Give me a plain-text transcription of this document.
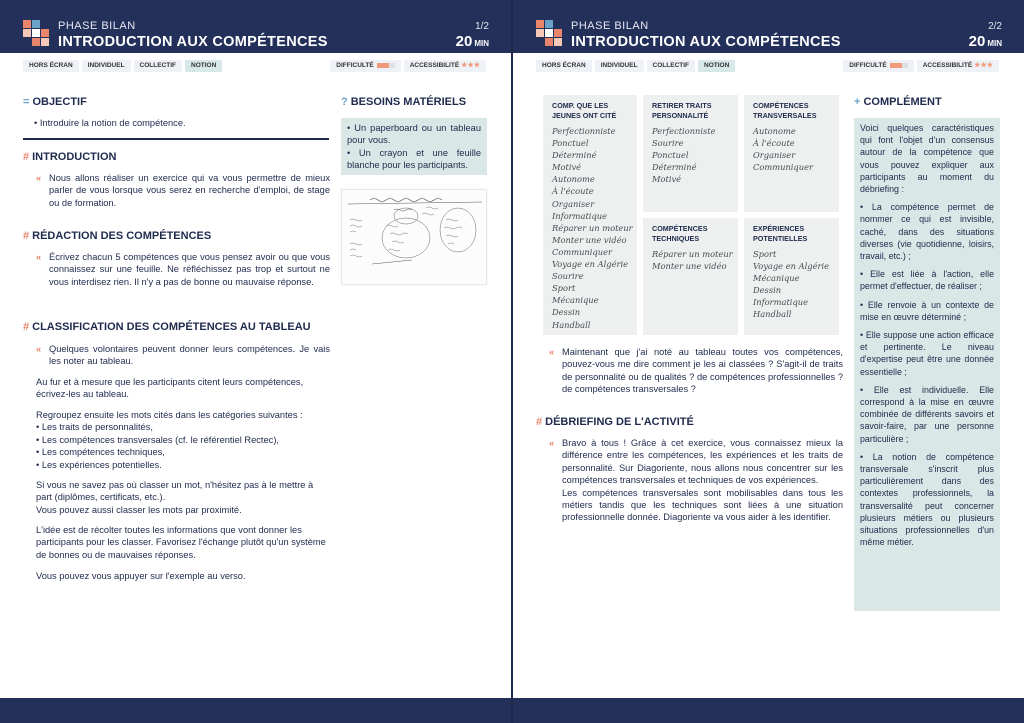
PHASE BILAN
INTRODUCTION AUX COMPÉTENCES
1/2
20 MIN
HORS ÉCRAN INDIVIDUEL COLLECTIF NOTION	DIFFICULTÉ	ACCESSIBILITÉ ★★★
= OBJECTIF
• Introduire la notion de compétence.
# INTRODUCTION
« Nous allons réaliser un exercice qui va vous permettre de mieux parler de vous lorsque vous serez en recherche d'emploi, de stage ou de formation.
# RÉDACTION DES COMPÉTENCES
« Écrivez chacun 5 compétences que vous pensez avoir ou que vous connaissez sur une feuille. Ne réfléchissez pas trop et surtout ne vous interdisez rien. Il n'y a pas de bonne ou mauvaise réponse.
# CLASSIFICATION DES COMPÉTENCES AU TABLEAU
« Quelques volontaires peuvent donner leurs compétences. Je vais les noter au tableau.
Au fur et à mesure que les participants citent leurs compétences, écrivez-les au tableau.
Regroupez ensuite les mots cités dans les catégories suivantes :
• Les traits de personnalités,
• Les compétences transversales (cf. le référentiel Rectec),
• Les compétences techniques,
• Les expériences potentielles.
Si vous ne savez pas où classer un mot, n'hésitez pas à le mettre à part (diplômes, certificats, etc.).
Vous pouvez aussi classer les mots par proximité.
L'idée est de récolter toutes les informations que vont donner les participants pour les classer. Favorisez l'échange plutôt qu'un système de bonnes ou de mauvaises réponses.
Vous pouvez vous appuyer sur l'exemple au verso.
? BESOINS MATÉRIELS

• Un paperboard ou un tableau pour vous.

• Un crayon et une feuille blanche pour les participants.

PHASE BILAN
INTRODUCTION AUX COMPÉTENCES
2/2
20 MIN
HORS ÉCRAN INDIVIDUEL COLLECTIF NOTION	DIFFICULTÉ	ACCESSIBILITÉ ★★★
COMP. QUE LES JEUNES ONT CITÉ
Perfectionniste
Ponctuel
Déterminé
Motivé
Autonome
À l'écoute
Organiser
Informatique
Réparer un moteur
Monter une vidéo
Communiquer
Voyage en Algérie
Sourire
Sport
Mécanique
Dessin
Handball
RETIRER TRAITS PERSONNALITÉ
Perfectionniste
Sourire
Ponctuel
Déterminé
Motivé
COMPÉTENCES TRANSVERSALES
Autonome
À l'écoute
Organiser
Communiquer
COMPÉTENCES TECHNIQUES
Réparer un moteur
Monter une vidéo
EXPÉRIENCES POTENTIELLES
Sport
Voyage en Algérie
Mécanique
Dessin
Informatique
Handball
« Maintenant que j'ai noté au tableau toutes vos compétences, pouvez-vous me dire comment je les ai classées ? S'agit-il de traits de personnalité ou de qualités ? de compétences professionnelles ? de compétences transversales ?
# DÉBRIEFING DE L'ACTIVITÉ
« Bravo à tous ! Grâce à cet exercice, vous connaissez mieux la différence entre les compétences, les expériences et les traits de personnalité. Sur Diagoriente, nous allons nous concentrer sur les compétences transversales et techniques de vos expériences.
Les compétences transversales sont mobilisables dans tous les métiers tandis que les techniques sont liées à une situation professionnelle donnée. Diagoriente va vous aider à les identifier.
+ COMPLÉMENT

Voici quelques caractéristiques qui font l'objet d'un consensus autour de la compétence que vous pouvez expliquer aux participants au moment du débriefing :

• La compétence permet de nommer ce qui est invisible, caché, dans des situations diverses (vie quotidienne, loisirs, travail, etc.) ;

• Elle est liée à l'action, elle permet d'effectuer, de réaliser ;

• Elle renvoie à un contexte de mise en œuvre déterminé ;

• Elle suppose une action efficace et pertinente. Le niveau d'expertise peut être une donnée essentielle ;

• Elle est individuelle. Elle correspond à la mise en œuvre combinée de différents savoirs et savoir-faire, par une personne particulière ;

• La notion de compétence transversale s'inscrit plus particulièrement dans des contextes professionnels, la transversalité peut concerner plusieurs métiers ou plusieurs situations professionnelles d'un même métier.
